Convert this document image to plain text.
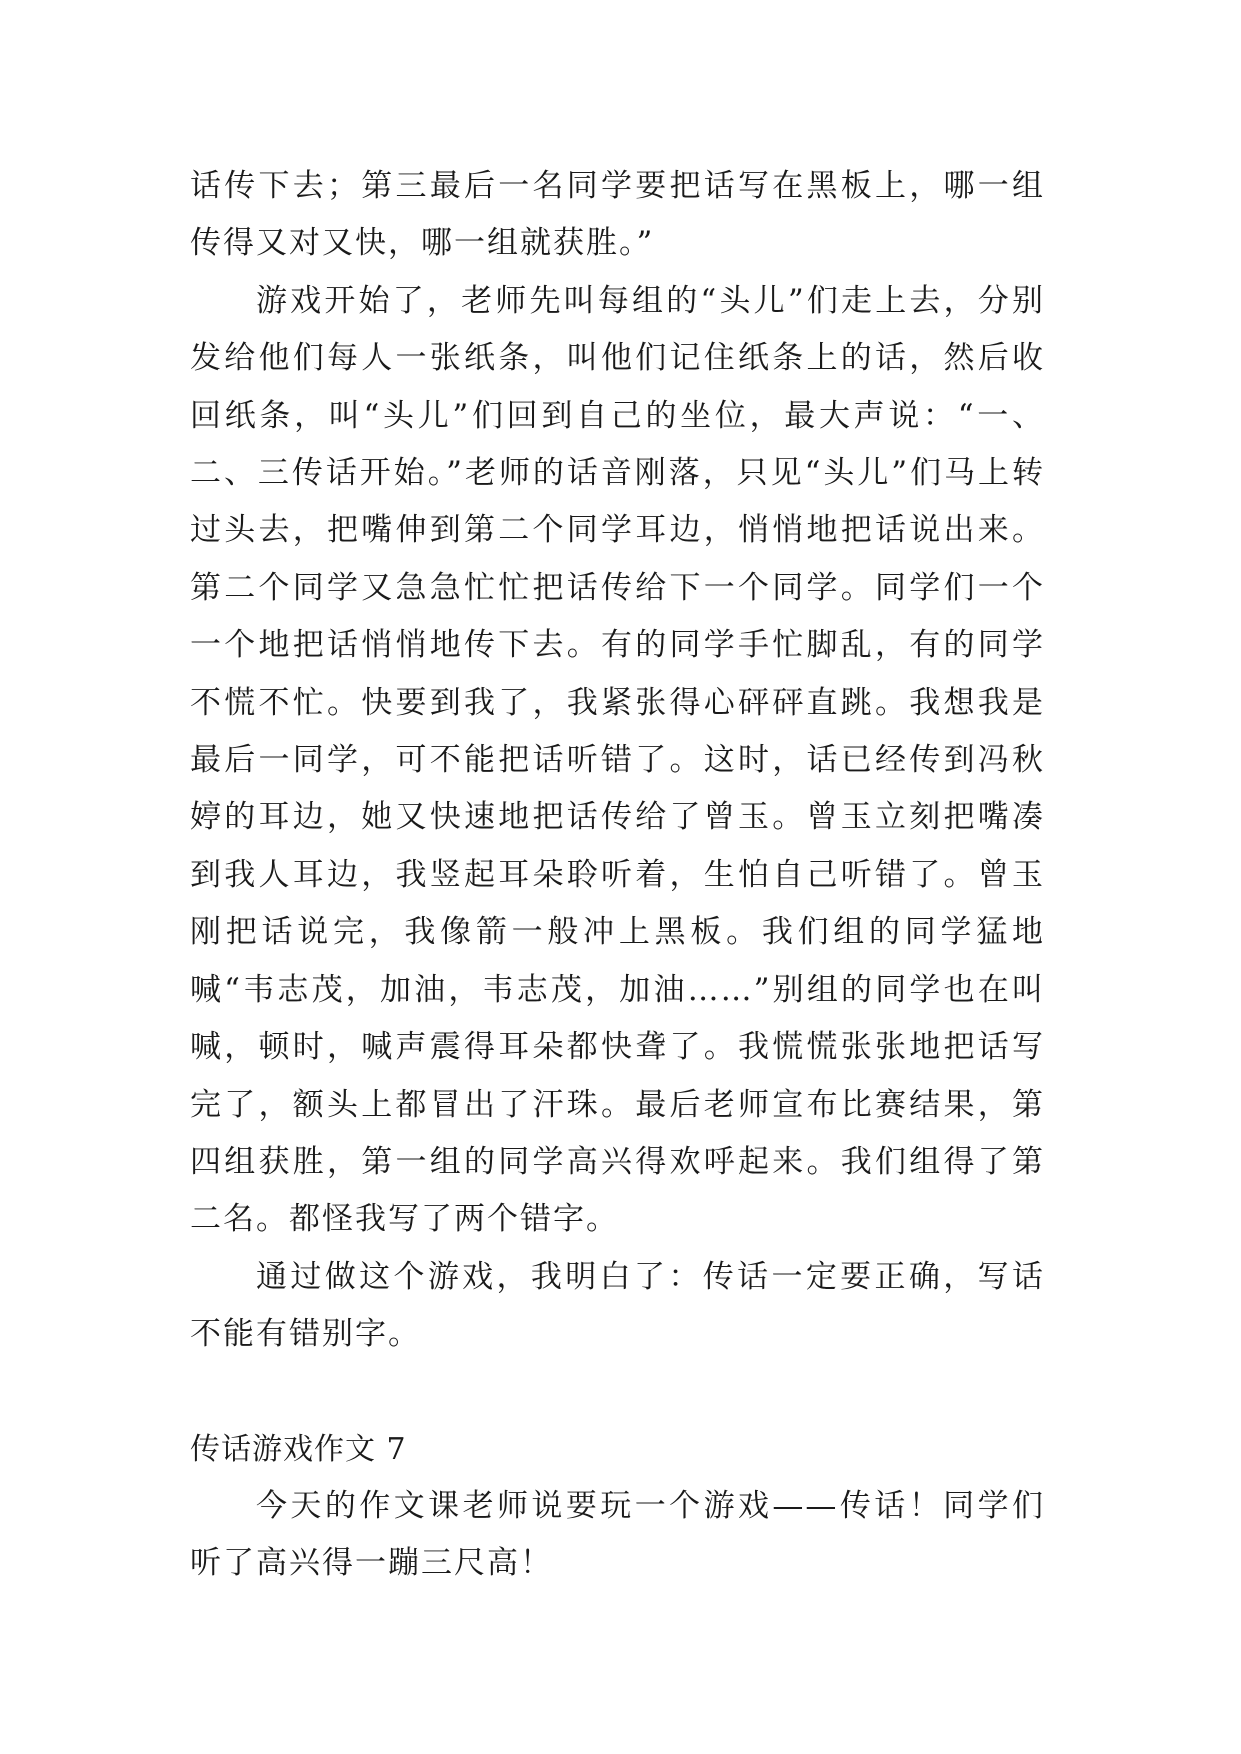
话传下去；第三最后一名同学要把话写在黑板上，哪一组传得又对又快，哪一组就获胜。”

游戏开始了，老师先叫每组的“头儿”们走上去，分别发给他们每人一张纸条，叫他们记住纸条上的话，然后收回纸条，叫“头儿”们回到自己的坐位，最大声说：“一、二、三传话开始。”老师的话音刚落，只见“头儿”们马上转过头去，把嘴伸到第二个同学耳边，悄悄地把话说出来。第二个同学又急急忙忙把话传给下一个同学。同学们一个一个地把话悄悄地传下去。有的同学手忙脚乱，有的同学不慌不忙。快要到我了，我紧张得心砰砰直跳。我想我是最后一同学，可不能把话听错了。这时，话已经传到冯秋婷的耳边，她又快速地把话传给了曾玉。曾玉立刻把嘴凑到我人耳边，我竖起耳朵聆听着，生怕自己听错了。曾玉刚把话说完，我像箭一般冲上黑板。我们组的同学猛地喊“韦志茂，加油，韦志茂，加油……”别组的同学也在叫喊，顿时，喊声震得耳朵都快聋了。我慌慌张张地把话写完了，额头上都冒出了汗珠。最后老师宣布比赛结果，第四组获胜，第一组的同学高兴得欢呼起来。我们组得了第二名。都怪我写了两个错字。

通过做这个游戏，我明白了：传话一定要正确，写话不能有错别字。

传话游戏作文 7

今天的作文课老师说要玩一个游戏——传话！同学们听了高兴得一蹦三尺高！
